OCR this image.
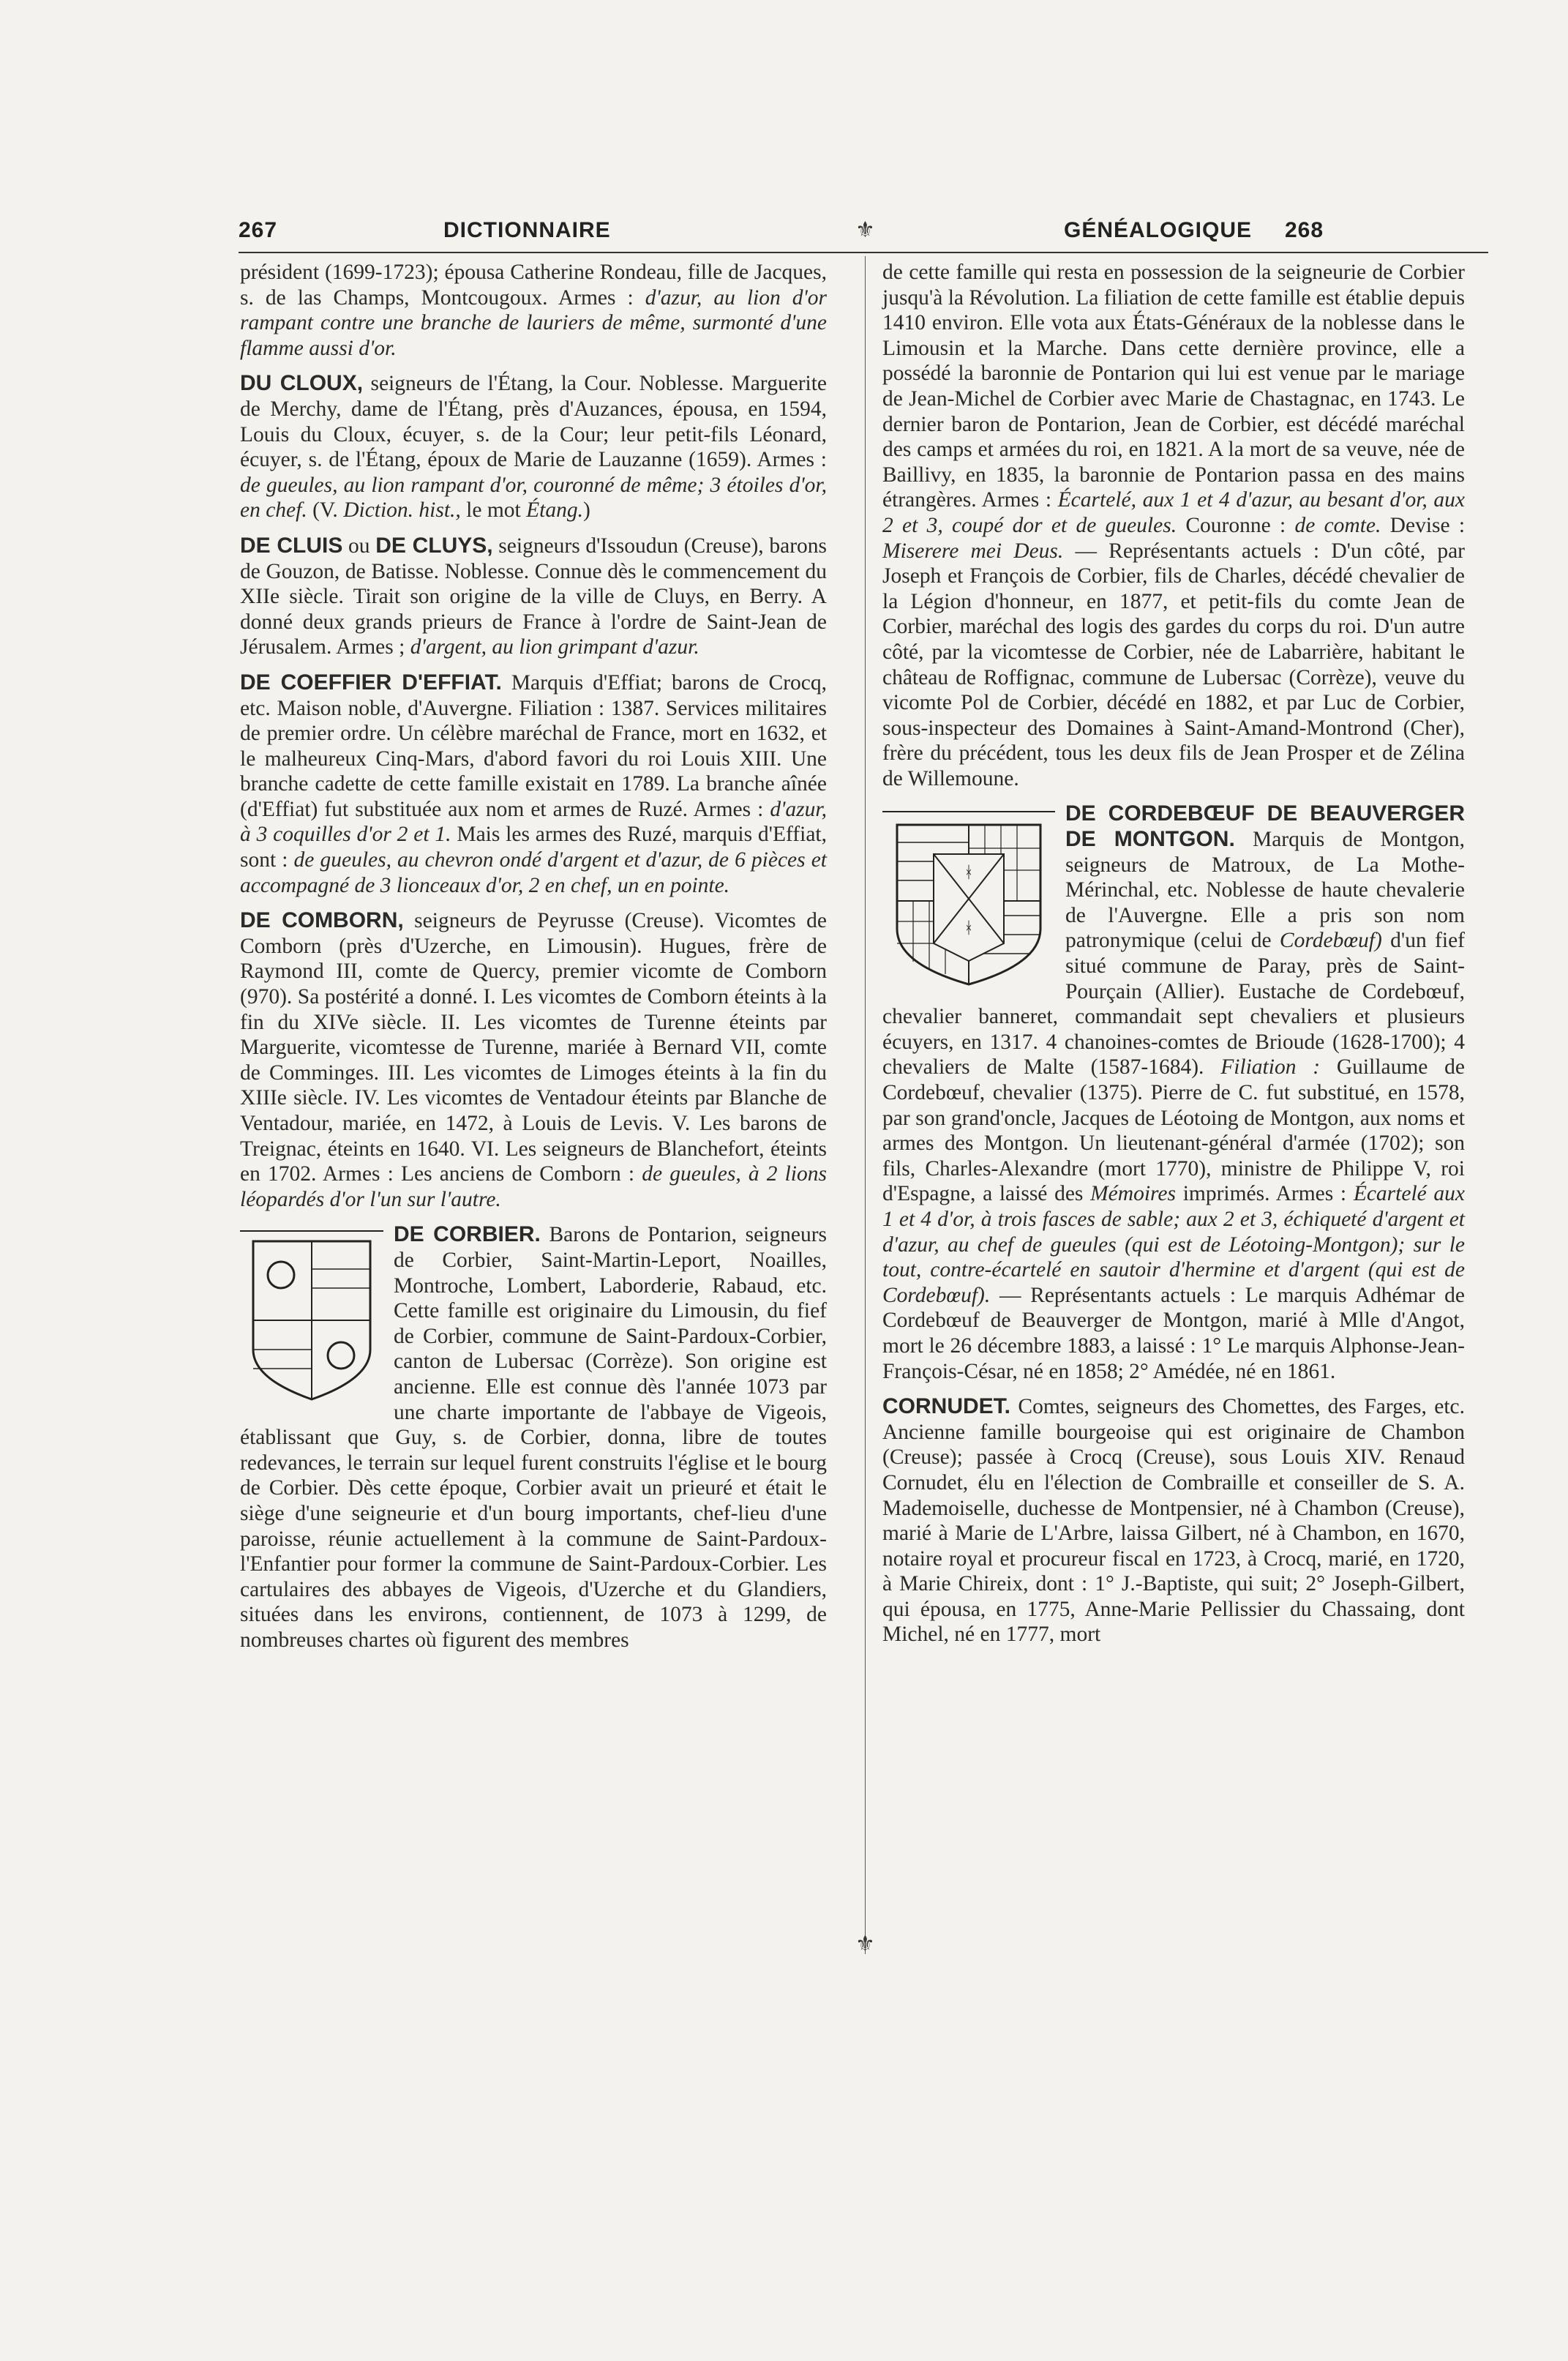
267	DICTIONNAIRE	268
GÉNÉALOGIQUE
⚜
⚜

président (1699-1723); épousa Catherine Rondeau, fille de Jacques, s. de las Champs, Montcougoux. Armes : d'azur, au lion d'or rampant contre une branche de lauriers de même, surmonté d'une flamme aussi d'or.

DU CLOUX, seigneurs de l'Étang, la Cour. Noblesse. Marguerite de Merchy, dame de l'Étang, près d'Auzances, épousa, en 1594, Louis du Cloux, écuyer, s. de la Cour; leur petit-fils Léonard, écuyer, s. de l'Étang, époux de Marie de Lauzanne (1659). Armes : de gueules, au lion rampant d'or, couronné de même; 3 étoiles d'or, en chef. (V. Diction. hist., le mot Étang.)

DE CLUIS ou DE CLUYS, seigneurs d'Issoudun (Creuse), barons de Gouzon, de Batisse. Noblesse. Connue dès le commencement du XIIe siècle. Tirait son origine de la ville de Cluys, en Berry. A donné deux grands prieurs de France à l'ordre de Saint-Jean de Jérusalem. Armes ; d'argent, au lion grimpant d'azur.

DE COEFFIER D'EFFIAT. Marquis d'Effiat; barons de Crocq, etc. Maison noble, d'Auvergne. Filiation : 1387. Services militaires de premier ordre. Un célèbre maréchal de France, mort en 1632, et le malheureux Cinq-Mars, d'abord favori du roi Louis XIII. Une branche cadette de cette famille existait en 1789. La branche aînée (d'Effiat) fut substituée aux nom et armes de Ruzé. Armes : d'azur, à 3 coquilles d'or 2 et 1. Mais les armes des Ruzé, marquis d'Effiat, sont : de gueules, au chevron ondé d'argent et d'azur, de 6 pièces et accompagné de 3 lionceaux d'or, 2 en chef, un en pointe.

DE COMBORN, seigneurs de Peyrusse (Creuse). Vicomtes de Comborn (près d'Uzerche, en Limousin). Hugues, frère de Raymond III, comte de Quercy, premier vicomte de Comborn (970). Sa postérité a donné. I. Les vicomtes de Comborn éteints à la fin du XIVe siècle. II. Les vicomtes de Turenne éteints par Marguerite, vicomtesse de Turenne, mariée à Bernard VII, comte de Comminges. III. Les vicomtes de Limoges éteints à la fin du XIIIe siècle. IV. Les vicomtes de Ventadour éteints par Blanche de Ventadour, mariée, en 1472, à Louis de Levis. V. Les barons de Treignac, éteints en 1640. VI. Les seigneurs de Blanchefort, éteints en 1702. Armes : Les anciens de Comborn : de gueules, à 2 lions léopardés d'or l'un sur l'autre.

DE CORBIER. Barons de Pontarion, seigneurs de Corbier, Saint-Martin-Leport, Noailles, Montroche, Lombert, Laborderie, Rabaud, etc. Cette famille est originaire du Limousin, du fief de Corbier, commune de Saint-Pardoux-Corbier, canton de Lubersac (Corrèze). Son origine est ancienne. Elle est connue dès l'année 1073 par une charte importante de l'abbaye de Vigeois, établissant que Guy, s. de Corbier, donna, libre de toutes redevances, le terrain sur lequel furent construits l'église et le bourg de Corbier. Dès cette époque, Corbier avait un prieuré et était le siège d'une seigneurie et d'un bourg importants, chef-lieu d'une paroisse, réunie actuellement à la commune de Saint-Pardoux-l'Enfantier pour former la commune de Saint-Pardoux-Corbier. Les cartulaires des abbayes de Vigeois, d'Uzerche et du Glandiers, situées dans les environs, contiennent, de 1073 à 1299, de nombreuses chartes où figurent des membres

de cette famille qui resta en possession de la seigneurie de Corbier jusqu'à la Révolution. La filiation de cette famille est établie depuis 1410 environ. Elle vota aux États-Généraux de la noblesse dans le Limousin et la Marche. Dans cette dernière province, elle a possédé la baronnie de Pontarion qui lui est venue par le mariage de Jean-Michel de Corbier avec Marie de Chastagnac, en 1743. Le dernier baron de Pontarion, Jean de Corbier, est décédé maréchal des camps et armées du roi, en 1821. A la mort de sa veuve, née de Baillivy, en 1835, la baronnie de Pontarion passa en des mains étrangères. Armes : Écartelé, aux 1 et 4 d'azur, au besant d'or, aux 2 et 3, coupé dor et de gueules. Couronne : de comte. Devise : Miserere mei Deus. — Représentants actuels : D'un côté, par Joseph et François de Corbier, fils de Charles, décédé chevalier de la Légion d'honneur, en 1877, et petit-fils du comte Jean de Corbier, maréchal des logis des gardes du corps du roi. D'un autre côté, par la vicomtesse de Corbier, née de Labarrière, habitant le château de Roffignac, commune de Lubersac (Corrèze), veuve du vicomte Pol de Corbier, décédé en 1882, et par Luc de Corbier, sous-inspecteur des Domaines à Saint-Amand-Montrond (Cher), frère du précédent, tous les deux fils de Jean Prosper et de Zélina de Willemoune.

ᚼ
ᚼ
DE CORDEBŒUF DE BEAUVERGER DE MONTGON. Marquis de Montgon, seigneurs de Matroux, de La Mothe-Mérinchal, etc. Noblesse de haute chevalerie de l'Auvergne. Elle a pris son nom patronymique (celui de Cordebœuf) d'un fief situé commune de Paray, près de Saint-Pourçain (Allier). Eustache de Cordebœuf, chevalier banneret, commandait sept chevaliers et plusieurs écuyers, en 1317. 4 chanoines-comtes de Brioude (1628-1700); 4 chevaliers de Malte (1587-1684). Filiation : Guillaume de Cordebœuf, chevalier (1375). Pierre de C. fut substitué, en 1578, par son grand'oncle, Jacques de Léotoing de Montgon, aux noms et armes des Montgon. Un lieutenant-général d'armée (1702); son fils, Charles-Alexandre (mort 1770), ministre de Philippe V, roi d'Espagne, a laissé des Mémoires imprimés. Armes : Écartelé aux 1 et 4 d'or, à trois fasces de sable; aux 2 et 3, échiqueté d'argent et d'azur, au chef de gueules (qui est de Léotoing-Montgon); sur le tout, contre-écartelé en sautoir d'hermine et d'argent (qui est de Cordebœuf). — Représentants actuels : Le marquis Adhémar de Cordebœuf de Beauverger de Montgon, marié à Mlle d'Angot, mort le 26 décembre 1883, a laissé : 1° Le marquis Alphonse-Jean-François-César, né en 1858; 2° Amédée, né en 1861.

CORNUDET. Comtes, seigneurs des Chomettes, des Farges, etc. Ancienne famille bourgeoise qui est originaire de Chambon (Creuse); passée à Crocq (Creuse), sous Louis XIV. Renaud Cornudet, élu en l'élection de Combraille et conseiller de S. A. Mademoiselle, duchesse de Montpensier, né à Chambon (Creuse), marié à Marie de L'Arbre, laissa Gilbert, né à Chambon, en 1670, notaire royal et procureur fiscal en 1723, à Crocq, marié, en 1720, à Marie Chireix, dont : 1° J.-Baptiste, qui suit; 2° Joseph-Gilbert, qui épousa, en 1775, Anne-Marie Pellissier du Chassaing, dont Michel, né en 1777, mort
